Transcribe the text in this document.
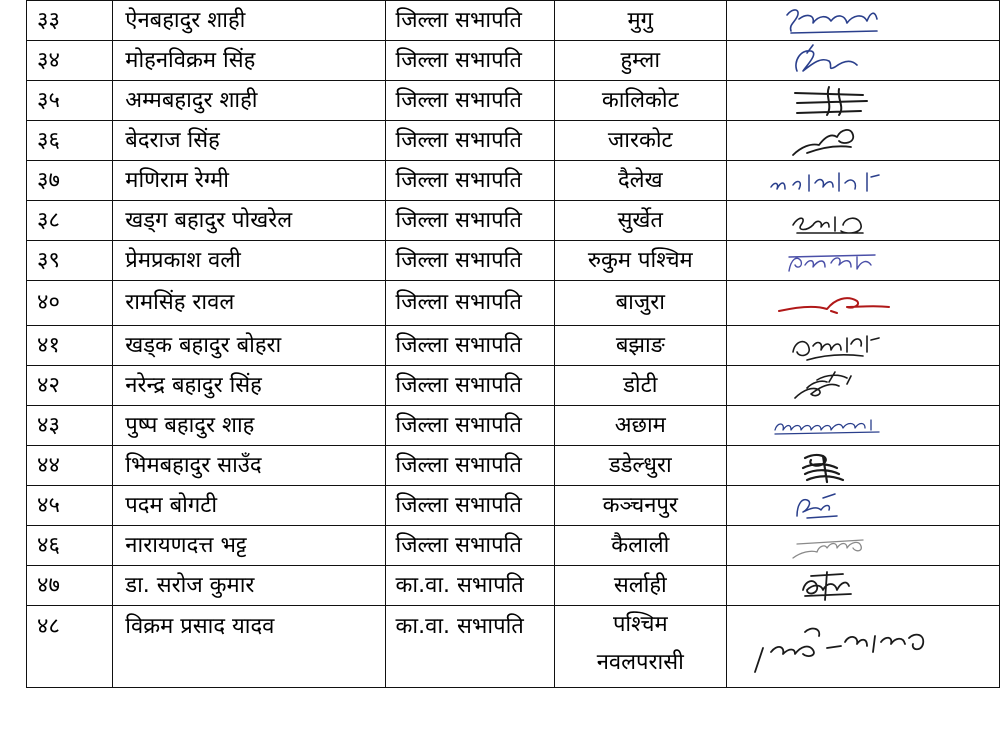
३३	ऐनबहादुर शाही	जिल्ला सभापति	मुगु	

३४	मोहनविक्रम सिंह	जिल्ला सभापति	हुम्ला	

३५	अम्मबहादुर शाही	जिल्ला सभापति	कालिकोट	

३६	बेदराज सिंह	जिल्ला सभापति	जारकोट	

३७	मणिराम रेग्मी	जिल्ला सभापति	दैलेख	

३८	खड्ग बहादुर पोखरेल	जिल्ला सभापति	सुर्खेत	

३९	प्रेमप्रकाश वली	जिल्ला सभापति	रुकुम पश्चिम	

४०	रामसिंह रावल	जिल्ला सभापति	बाजुरा	

४१	खड्क बहादुर बोहरा	जिल्ला सभापति	बझाङ	

४२	नरेन्द्र बहादुर सिंह	जिल्ला सभापति	डोटी	

४३	पुष्प बहादुर शाह	जिल्ला सभापति	अछाम	

४४	भिमबहादुर साउँद	जिल्ला सभापति	डडेल्धुरा	

४५	पदम बोगटी	जिल्ला सभापति	कञ्चनपुर	

४६	नारायणदत्त भट्ट	जिल्ला सभापति	कैलाली	

४७	डा. सरोज कुमार	का.वा. सभापति	सर्लाही	

४८	विक्रम प्रसाद यादव	का.वा. सभापति	पश्चिम
नवलपरासी
